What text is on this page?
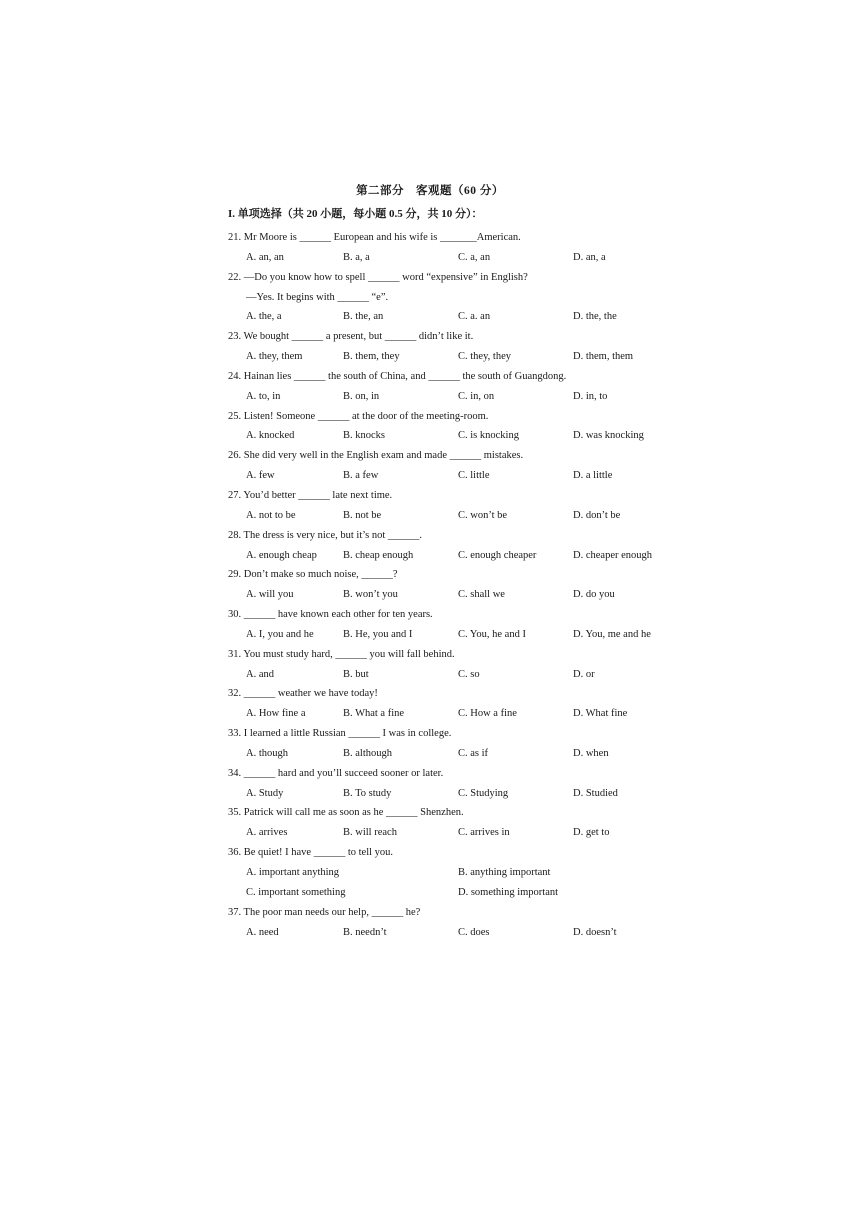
第二部分　客观题（60 分）
I. 单项选择（共 20 小题，每小题 0.5 分，共 10 分）：
21. Mr Moore is ______ European and his wife is _______American.
A. an, an	B. a, a	C. a, an	D. an, a
22. —Do you know how to spell ______ word “expensive” in English?
—Yes. It begins with ______ “e”.
A. the, a	B. the, an	C. a. an	D. the, the
23. We bought ______ a present, but ______ didn’t like it.
A. they, them	B. them, they	C. they, they	D. them, them
24. Hainan lies ______ the south of China, and ______ the south of Guangdong.
A. to, in	B. on, in	C. in, on	D. in, to
25. Listen! Someone ______ at the door of the meeting-room.
A. knocked	B. knocks	C. is knocking	D. was knocking
26. She did very well in the English exam and made ______ mistakes.
A. few	B. a few	C. little	D. a little
27. You’d better ______ late next time.
A. not to be	B. not be	C. won’t be	D. don’t be
28. The dress is very nice, but it’s not ______.
A. enough cheap B. cheap enough	C. enough cheaper	D. cheaper enough
29. Don’t make so much noise, ______?
A. will you	B. won’t you	C. shall we	D. do you
30. ______ have known each other for ten years.
A. I, you and he	B. He, you and I	C. You, he and I	D. You, me and he
31. You must study hard, ______ you will fall behind.
A. and	B. but	C. so	D. or
32. ______ weather we have today!
A. How fine a	B. What a fine	C. How a fine	D. What fine
33. I learned a little Russian ______ I was in college.
A. though	B. although	C. as if	D. when
34. ______ hard and you’ll succeed sooner or later.
A. Study	B. To study	C. Studying	D. Studied
35. Patrick will call me as soon as he ______ Shenzhen.
A. arrives	B. will reach	C. arrives in	D. get to
36. Be quiet! I have ______ to tell you.
A. important anything	B. anything important
C. important something	D. something important
37. The poor man needs our help, ______ he?
A. need	B. needn’t	C. does	D. doesn’t
